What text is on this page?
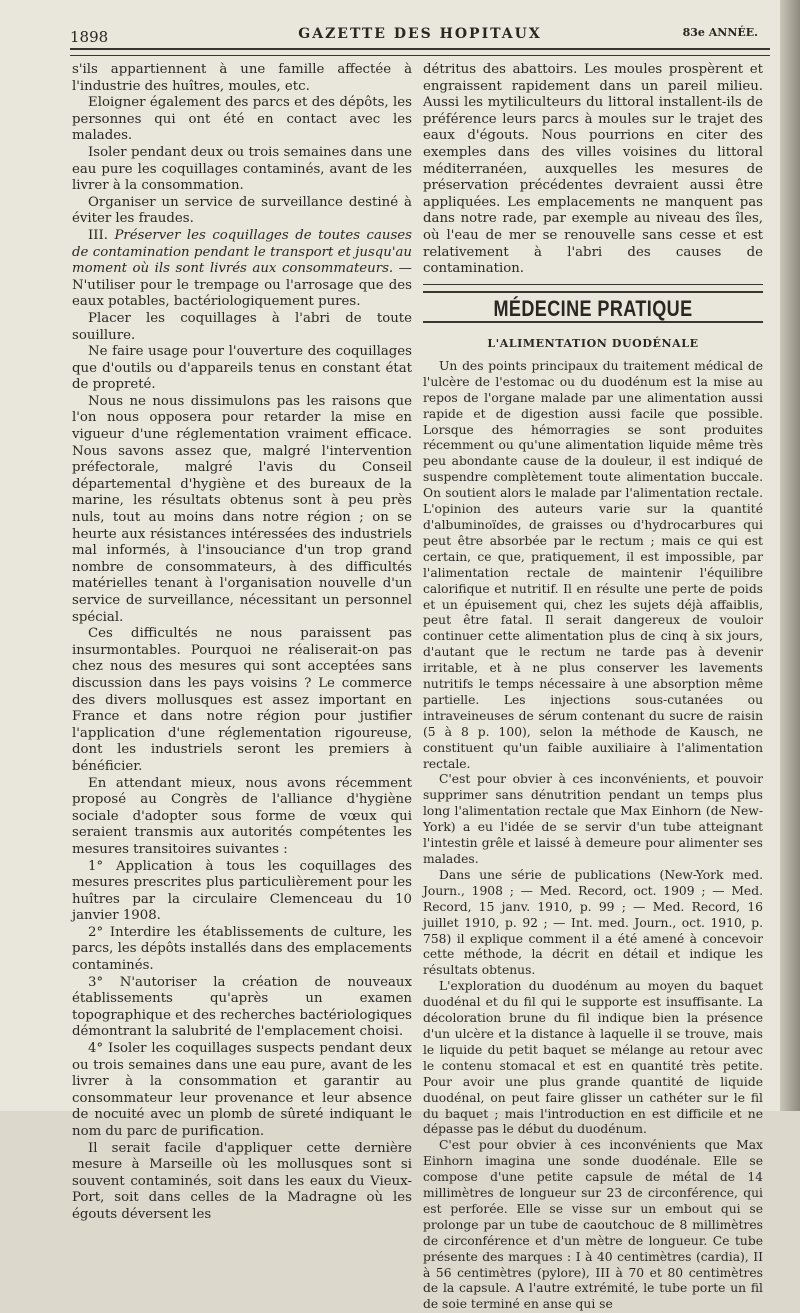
1898	GAZETTE DES HOPITAUX	83e ANNÉE.

s'ils appartiennent à une famille affectée à l'industrie des huîtres, moules, etc.

Eloigner également des parcs et des dépôts, les personnes qui ont été en contact avec les malades.

Isoler pendant deux ou trois semaines dans une eau pure les coquillages contaminés, avant de les livrer à la consommation.

Organiser un service de surveillance destiné à éviter les fraudes.

III. Préserver les coquillages de toutes causes de contamination pendant le transport et jusqu'au moment où ils sont livrés aux consommateurs. — N'utiliser pour le trempage ou l'arrosage que des eaux potables, bactériologiquement pures.

Placer les coquillages à l'abri de toute souillure.

Ne faire usage pour l'ouverture des coquillages que d'outils ou d'appareils tenus en constant état de propreté.

Nous ne nous dissimulons pas les raisons que l'on nous opposera pour retarder la mise en vigueur d'une réglementation vraiment efficace. Nous savons assez que, malgré l'intervention préfectorale, malgré l'avis du Conseil départemental d'hygiène et des bureaux de la marine, les résultats obtenus sont à peu près nuls, tout au moins dans notre région ; on se heurte aux résistances intéressées des industriels mal informés, à l'insouciance d'un trop grand nombre de consommateurs, à des difficultés matérielles tenant à l'organisation nouvelle d'un service de surveillance, nécessitant un personnel spécial.

Ces difficultés ne nous paraissent pas insurmontables. Pourquoi ne réaliserait-on pas chez nous des mesures qui sont acceptées sans discussion dans les pays voisins ? Le commerce des divers mollusques est assez important en France et dans notre région pour justifier l'application d'une réglementation rigoureuse, dont les industriels seront les premiers à bénéficier.

En attendant mieux, nous avons récemment proposé au Congrès de l'alliance d'hygiène sociale d'adopter sous forme de vœux qui seraient transmis aux autorités compétentes les mesures transitoires suivantes :

1° Application à tous les coquillages des mesures prescrites plus particulièrement pour les huîtres par la circulaire Clemenceau du 10 janvier 1908.

2° Interdire les établissements de culture, les parcs, les dépôts installés dans des emplacements contaminés.

3° N'autoriser la création de nouveaux établissements qu'après un examen topographique et des recherches bactériologiques démontrant la salubrité de l'emplacement choisi.

4° Isoler les coquillages suspects pendant deux ou trois semaines dans une eau pure, avant de les livrer à la consommation et garantir au consommateur leur provenance et leur absence de nocuité avec un plomb de sûreté indiquant le nom du parc de purification.

Il serait facile d'appliquer cette dernière mesure à Marseille où les mollusques sont si souvent contaminés, soit dans les eaux du Vieux-Port, soit dans celles de la Madragne où les égouts déversent les

détritus des abattoirs. Les moules prospèrent et engraissent rapidement dans un pareil milieu. Aussi les mytiliculteurs du littoral installent-ils de préférence leurs parcs à moules sur le trajet des eaux d'égouts. Nous pourrions en citer des exemples dans des villes voisines du littoral méditerranéen, auxquelles les mesures de préservation précédentes devraient aussi être appliquées. Les emplacements ne manquent pas dans notre rade, par exemple au niveau des îles, où l'eau de mer se renouvelle sans cesse et est relativement à l'abri des causes de contamination.

MÉDECINE PRATIQUE
L'ALIMENTATION DUODÉNALE

Un des points principaux du traitement médical de l'ulcère de l'estomac ou du duodénum est la mise au repos de l'organe malade par une alimentation aussi rapide et de digestion aussi facile que possible. Lorsque des hémorragies se sont produites récemment ou qu'une alimentation liquide même très peu abondante cause de la douleur, il est indiqué de suspendre complètement toute alimentation buccale. On soutient alors le malade par l'alimentation rectale. L'opinion des auteurs varie sur la quantité d'albuminoïdes, de graisses ou d'hydrocarbures qui peut être absorbée par le rectum ; mais ce qui est certain, ce que, pratiquement, il est impossible, par l'alimentation rectale de maintenir l'équilibre calorifique et nutritif. Il en résulte une perte de poids et un épuisement qui, chez les sujets déjà affaiblis, peut être fatal. Il serait dangereux de vouloir continuer cette alimentation plus de cinq à six jours, d'autant que le rectum ne tarde pas à devenir irritable, et à ne plus conserver les lavements nutritifs le temps nécessaire à une absorption même partielle. Les injections sous-cutanées ou intraveineuses de sérum contenant du sucre de raisin (5 à 8 p. 100), selon la méthode de Kausch, ne constituent qu'un faible auxiliaire à l'alimentation rectale.

C'est pour obvier à ces inconvénients, et pouvoir supprimer sans dénutrition pendant un temps plus long l'alimentation rectale que Max Einhorn (de New-York) a eu l'idée de se servir d'un tube atteignant l'intestin grêle et laissé à demeure pour alimenter ses malades.

Dans une série de publications (New-York med. Journ., 1908 ; — Med. Record, oct. 1909 ; — Med. Record, 15 janv. 1910, p. 99 ; — Med. Record, 16 juillet 1910, p. 92 ; — Int. med. Journ., oct. 1910, p. 758) il explique comment il a été amené à concevoir cette méthode, la décrit en détail et indique les résultats obtenus.

L'exploration du duodénum au moyen du baquet duodénal et du fil qui le supporte est insuffisante. La décoloration brune du fil indique bien la présence d'un ulcère et la distance à laquelle il se trouve, mais le liquide du petit baquet se mélange au retour avec le contenu stomacal et est en quantité très petite. Pour avoir une plus grande quantité de liquide duodénal, on peut faire glisser un cathéter sur le fil du baquet ; mais l'introduction en est difficile et ne dépasse pas le début du duodénum.

C'est pour obvier à ces inconvénients que Max Einhorn imagina une sonde duodénale. Elle se compose d'une petite capsule de métal de 14 millimètres de longueur sur 23 de circonférence, qui est perforée. Elle se visse sur un embout qui se prolonge par un tube de caoutchouc de 8 millimètres de circonférence et d'un mètre de longueur. Ce tube présente des marques : I à 40 centimètres (cardia), II à 56 centimètres (pylore), III à 70 et 80 centimètres de la capsule. A l'autre extrémité, le tube porte un fil de soie terminé en anse qui se
